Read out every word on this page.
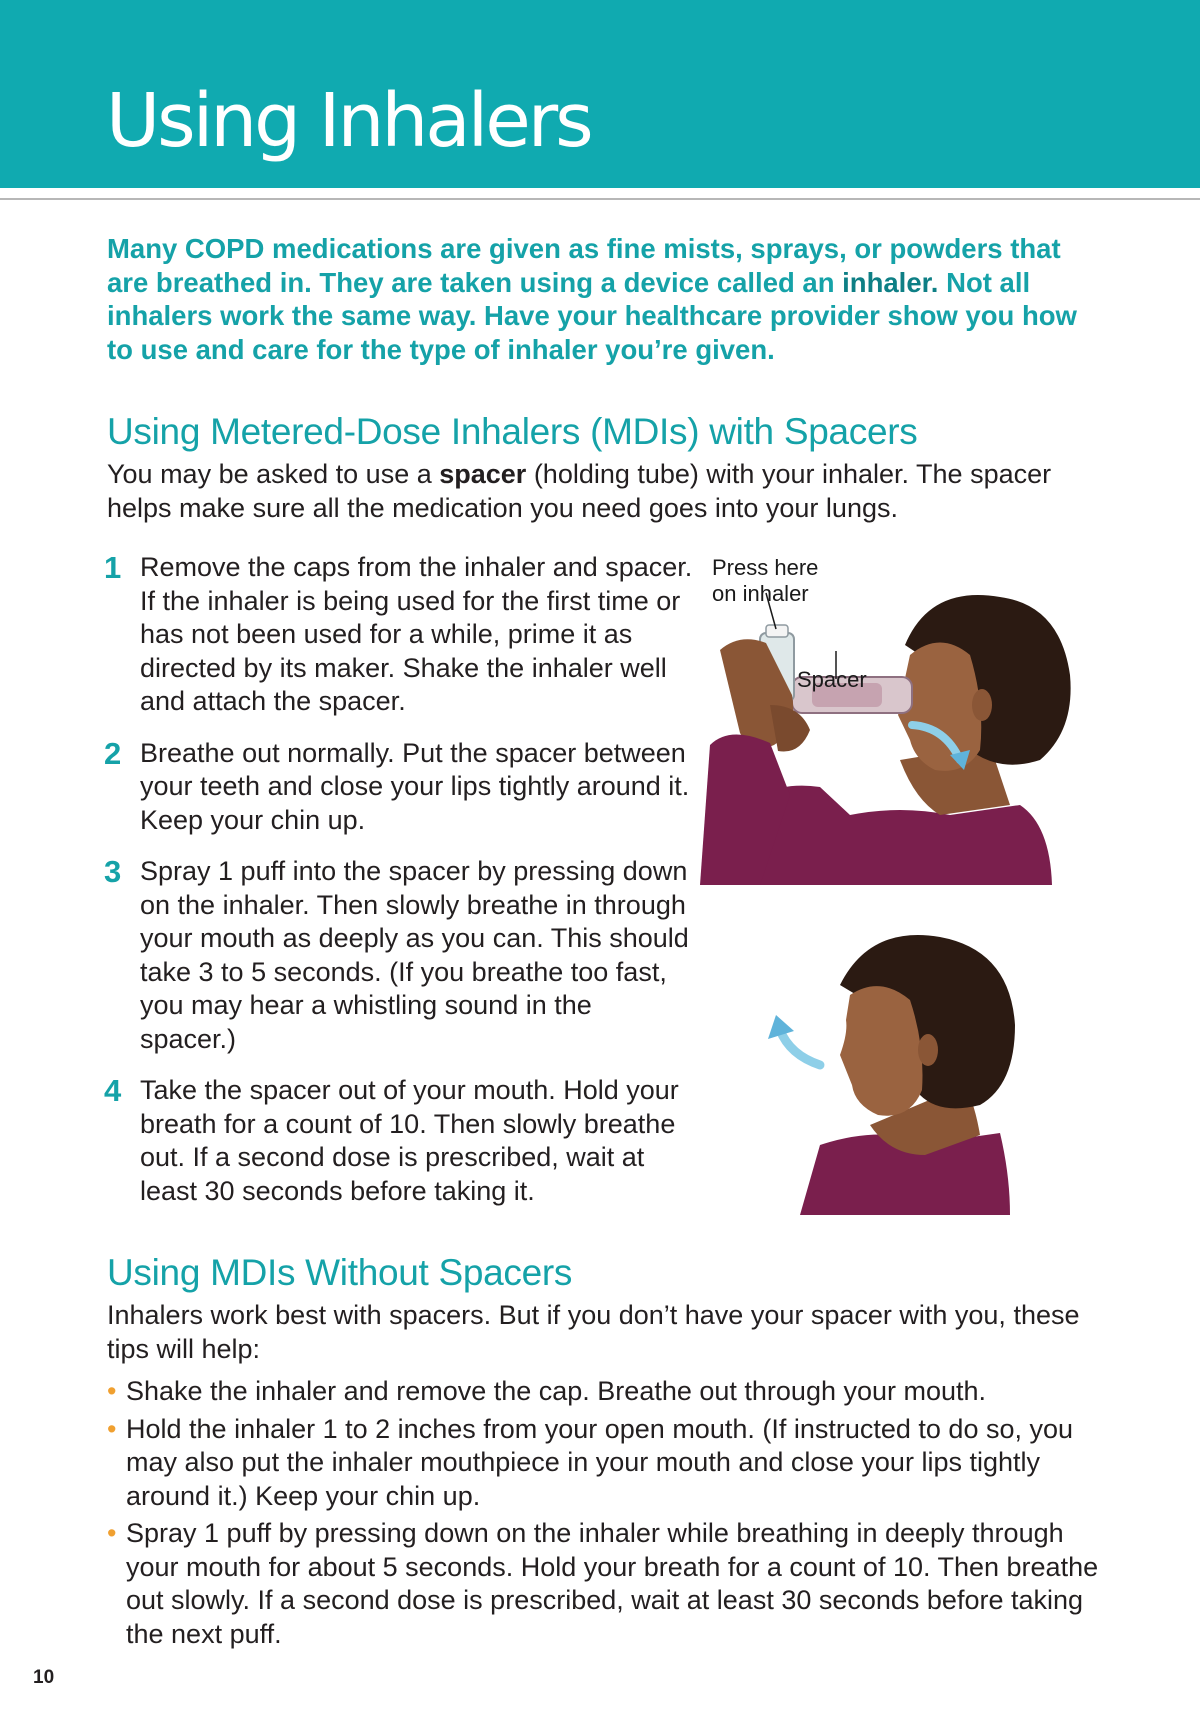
Using Inhalers
Many COPD medications are given as fine mists, sprays, or powders that are breathed in. They are taken using a device called an inhaler. Not all inhalers work the same way. Have your healthcare provider show you how to use and care for the type of inhaler you’re given.
Using Metered-Dose Inhalers (MDIs) with Spacers

You may be asked to use a spacer (holding tube) with your inhaler. The spacer helps make sure all the medication you need goes into your lungs.

1 Remove the caps from the inhaler and spacer. If the inhaler is being used for the first time or has not been used for a while, prime it as directed by its maker. Shake the inhaler well and attach the spacer.
2 Breathe out normally. Put the spacer between your teeth and close your lips tightly around it. Keep your chin up.
3 Spray 1 puff into the spacer by pressing down on the inhaler. Then slowly breathe in through your mouth as deeply as you can. This should take 3 to 5 seconds. (If you breathe too fast, you may hear a whistling sound in the spacer.)
4 Take the spacer out of your mouth. Hold your breath for a count of 10. Then slowly breathe out. If a second dose is prescribed, wait at least 30 seconds before taking it.
Press here
on inhaler
Spacer
Using MDIs Without Spacers

Inhalers work best with spacers. But if you don’t have your spacer with you, these tips will help:

• Shake the inhaler and remove the cap. Breathe out through your mouth.
• Hold the inhaler 1 to 2 inches from your open mouth. (If instructed to do so, you may also put the inhaler mouthpiece in your mouth and close your lips tightly around it.) Keep your chin up.
• Spray 1 puff by pressing down on the inhaler while breathing in deeply through your mouth for about 5 seconds. Hold your breath for a count of 10. Then breathe out slowly. If a second dose is prescribed, wait at least 30 seconds before taking the next puff.
10
